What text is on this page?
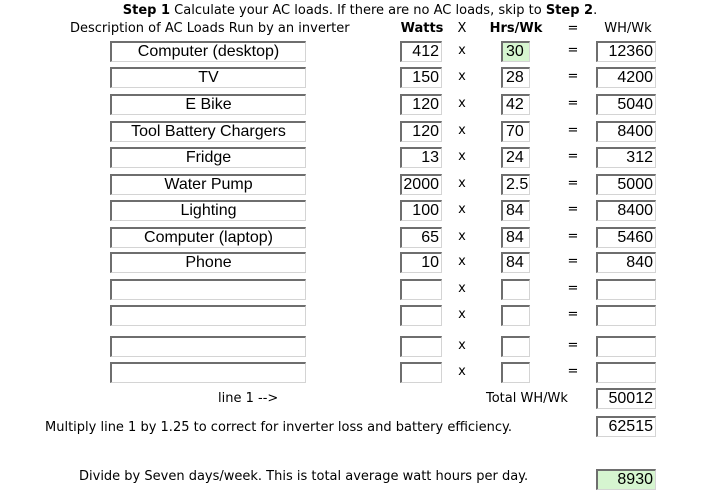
Step 1 Calculate your AC loads. If there are no AC loads, skip to Step 2.
Description of AC Loads Run by an inverter	Watts	X	Hrs/Wk	=	WH/Wk
Computer (desktop)	412 x	30	=	12360
TV	150 x	28	=	4200
E Bike	120 x	42	=	5040
Tool Battery Chargers	120 x	70	=	8400
Fridge	13 x	24	=	312
Water Pump	2000 x	2.5	=	5000
Lighting	100 x	84	=	8400
Computer (laptop)	65 x	84	=	5460
Phone	10 x	84	=	840
x	=
x	=
x	=
x	=
line 1 -->	Total WH/Wk	50012
Multiply line 1 by 1.25 to correct for inverter loss and battery efficiency.	62515
Divide by Seven days/week. This is total average watt hours per day.	8930
